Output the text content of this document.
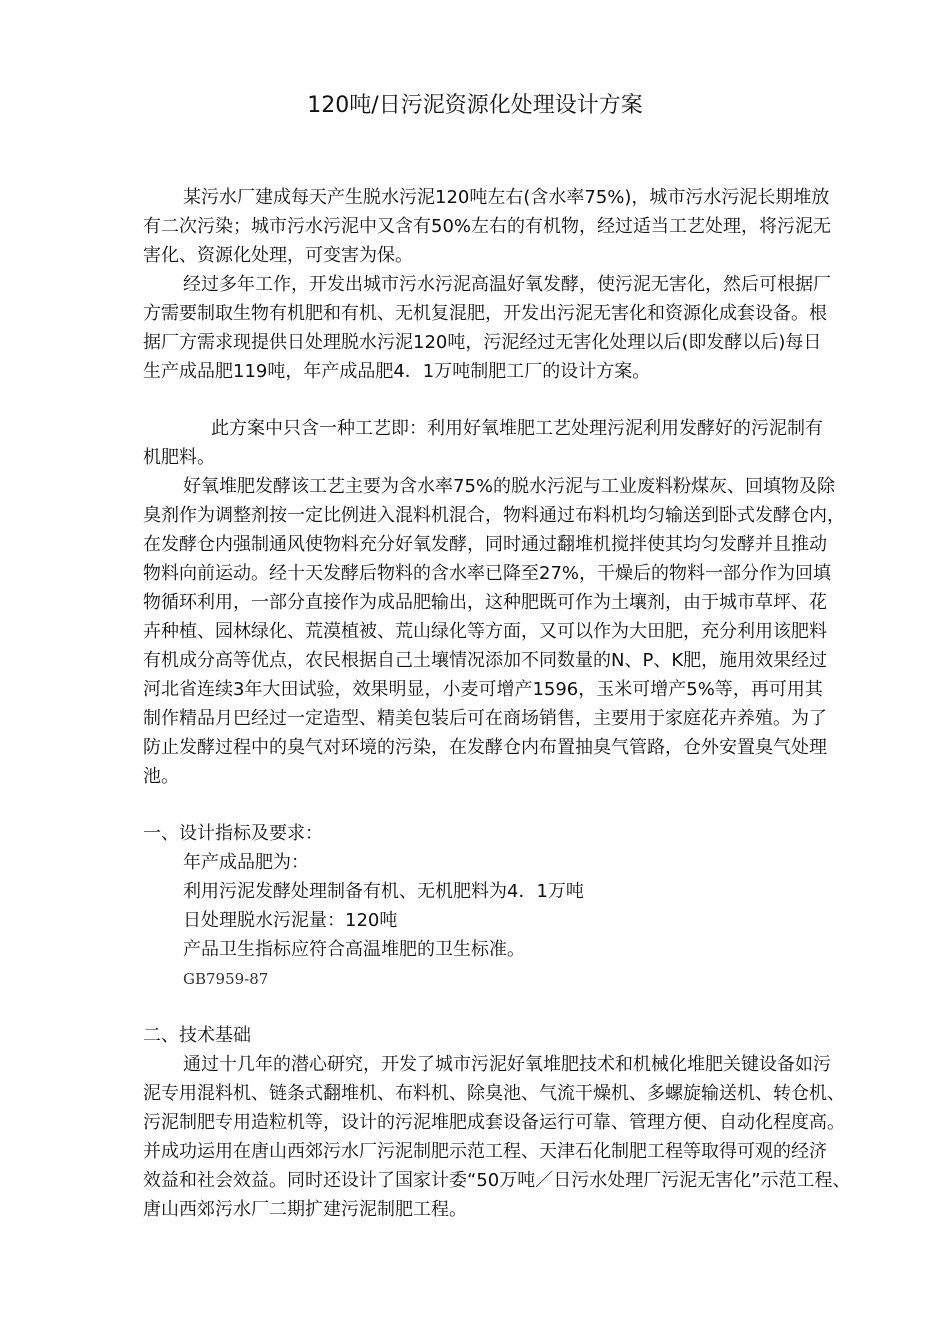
120吨/日污泥资源化处理设计方案
某污水厂建成每天产生脱水污泥120吨左右(含水率75%)，城市污水污泥长期堆放
有二次污染；城市污水污泥中又含有50%左右的有机物，经过适当工艺处理，将污泥无
害化、资源化处理，可变害为保。
经过多年工作，开发出城市污水污泥高温好氧发酵，使污泥无害化，然后可根据厂
方需要制取生物有机肥和有机、无机复混肥，开发出污泥无害化和资源化成套设备。根
据厂方需求现提供日处理脱水污泥120吨，污泥经过无害化处理以后(即发酵以后)每日
生产成品肥119吨，年产成品肥4．1万吨制肥工厂的设计方案。
此方案中只含一种工艺即：利用好氧堆肥工艺处理污泥利用发酵好的污泥制有
机肥料。
好氧堆肥发酵该工艺主要为含水率75%的脱水污泥与工业废料粉煤灰、回填物及除
臭剂作为调整剂按一定比例进入混料机混合，物料通过布料机均匀输送到卧式发酵仓内，
在发酵仓内强制通风使物料充分好氧发酵，同时通过翻堆机搅拌使其均匀发酵并且推动
物料向前运动。经十天发酵后物料的含水率已降至27%，干燥后的物料一部分作为回填
物循环利用，一部分直接作为成品肥输出，这种肥既可作为土壤剂，由于城市草坪、花
卉种植、园林绿化、荒漠植被、荒山绿化等方面，又可以作为大田肥，充分利用该肥料
有机成分高等优点，农民根据自己土壤情况添加不同数量的N、P、K肥，施用效果经过
河北省连续3年大田试验，效果明显，小麦可增产1596，玉米可增产5%等，再可用其
制作精品月巴经过一定造型、精美包装后可在商场销售，主要用于家庭花卉养殖。为了
防止发酵过程中的臭气对环境的污染，在发酵仓内布置抽臭气管路，仓外安置臭气处理
池。
一、设计指标及要求：
年产成品肥为：
利用污泥发酵处理制备有机、无机肥料为4．1万吨
日处理脱水污泥量：120吨
产品卫生指标应符合高温堆肥的卫生标准。
GB7959-87
二、技术基础
通过十几年的潜心研究，开发了城市污泥好氧堆肥技术和机械化堆肥关键设备如污
泥专用混料机、链条式翻堆机、布料机、除臭池、气流干燥机、多螺旋输送机、转仓机、
污泥制肥专用造粒机等，设计的污泥堆肥成套设备运行可靠、管理方便、自动化程度高。
并成功运用在唐山西郊污水厂污泥制肥示范工程、天津石化制肥工程等取得可观的经济
效益和社会效益。同时还设计了国家计委“50万吨／日污水处理厂污泥无害化”示范工程、
唐山西郊污水厂二期扩建污泥制肥工程。
